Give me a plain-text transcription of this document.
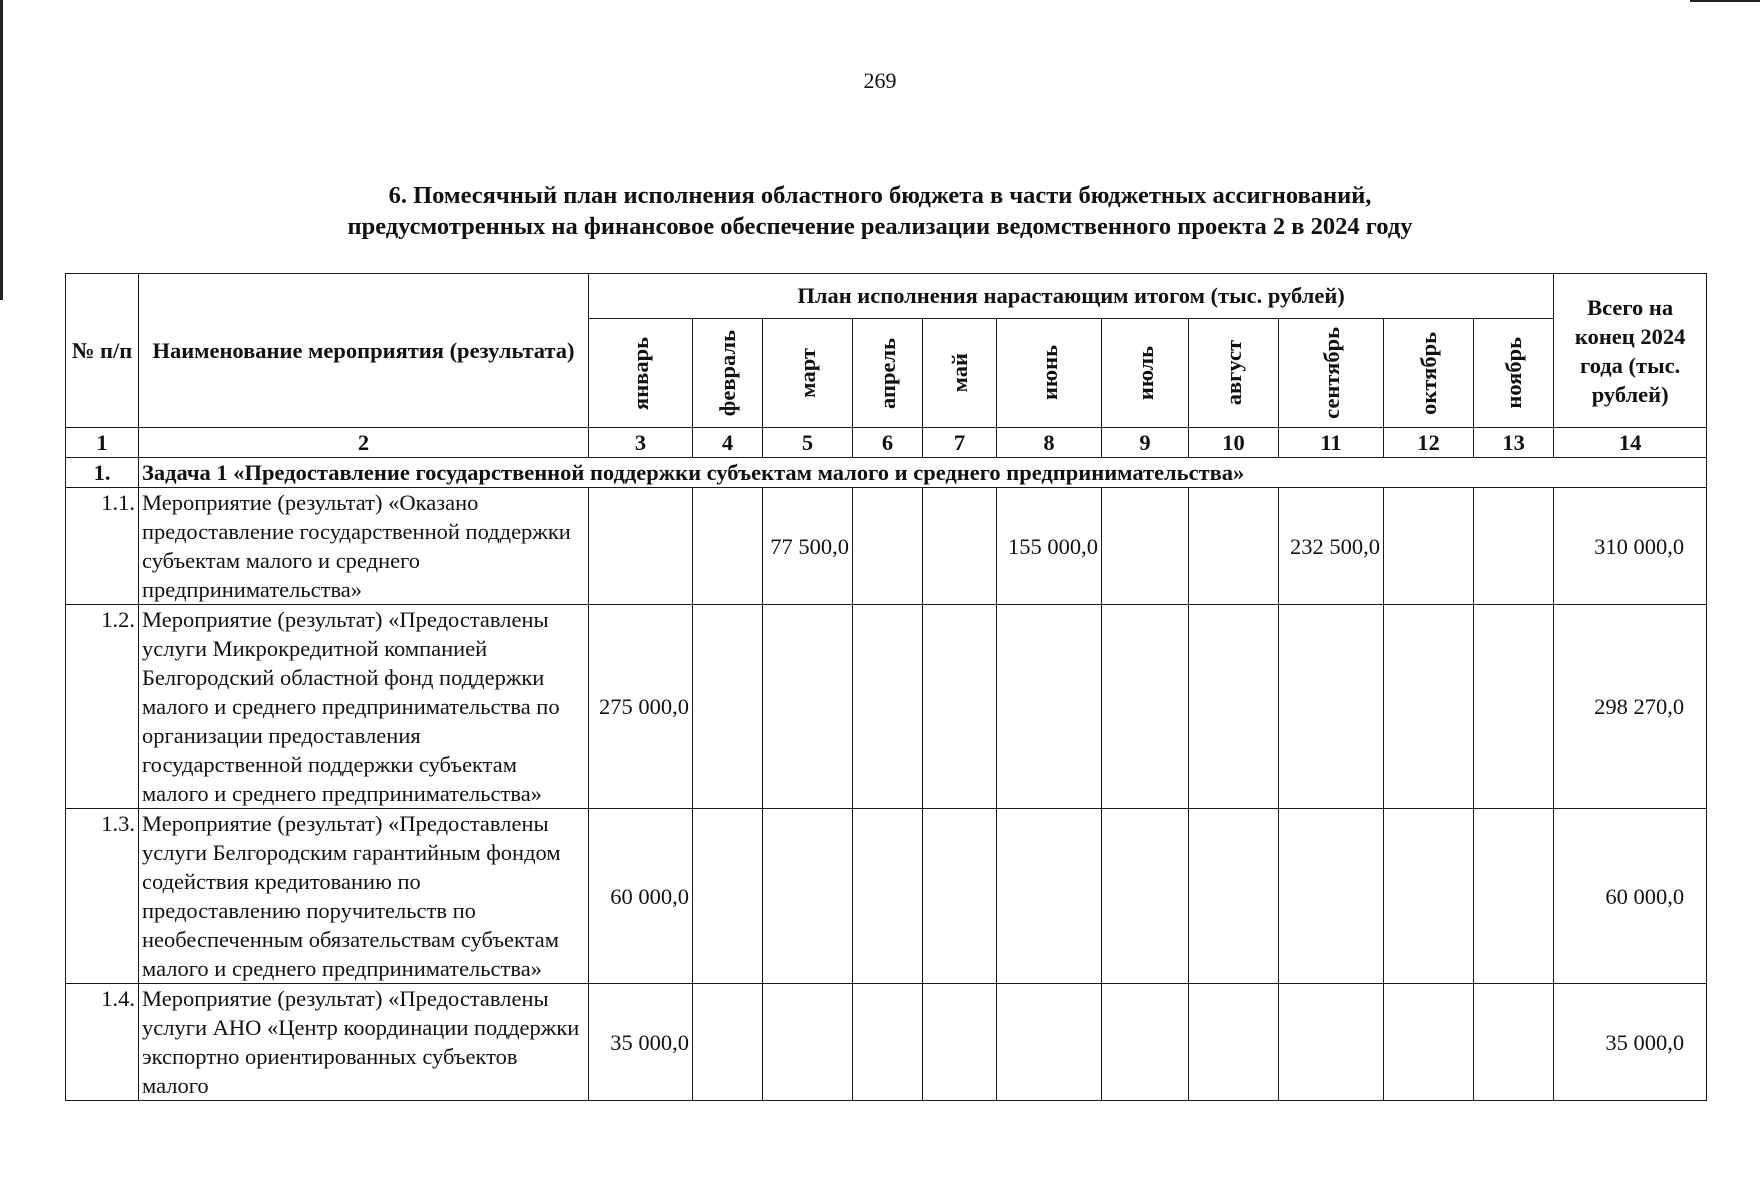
269
6. Помесячный план исполнения областного бюджета в части бюджетных ассигнований,
предусмотренных на финансовое обеспечение реализации ведомственного проекта 2 в 2024 году
№ п/п	Наименование мероприятия (результата)	План исполнения нарастающим итогом (тыс. рублей)											Всего на конец 2024 года (тыс. рублей)

		январь	февраль	март	апрель	май	июнь	июль	август	сентябрь	октябрь	ноябрь	

1	2	3	4	5	6	7	8	9	10	11	12	13	14
1.	Задача 1 «Предоставление государственной поддержки субъектам малого и среднего предпринимательства»												
1.1.	Мероприятие (результат) «Оказано предоставление государственной поддержки субъектам малого и среднего предпринимательства»			77 500,0			155 000,0			232 500,0			310 000,0
1.2.	Мероприятие (результат) «Предоставлены услуги Микрокредитной компанией Белгородский областной фонд поддержки малого и среднего предпринимательства по организации предоставления государственной поддержки субъектам малого и среднего предпринимательства»	275 000,0											298 270,0
1.3.	Мероприятие (результат) «Предоставлены услуги Белгородским гарантийным фондом содействия кредитованию по предоставлению поручительств по необеспеченным обязательствам субъектам малого и среднего предпринимательства»	60 000,0											60 000,0
1.4.	Мероприятие (результат) «Предоставлены услуги АНО «Центр координации поддержки экспортно ориентированных субъектов малого	35 000,0											35 000,0
